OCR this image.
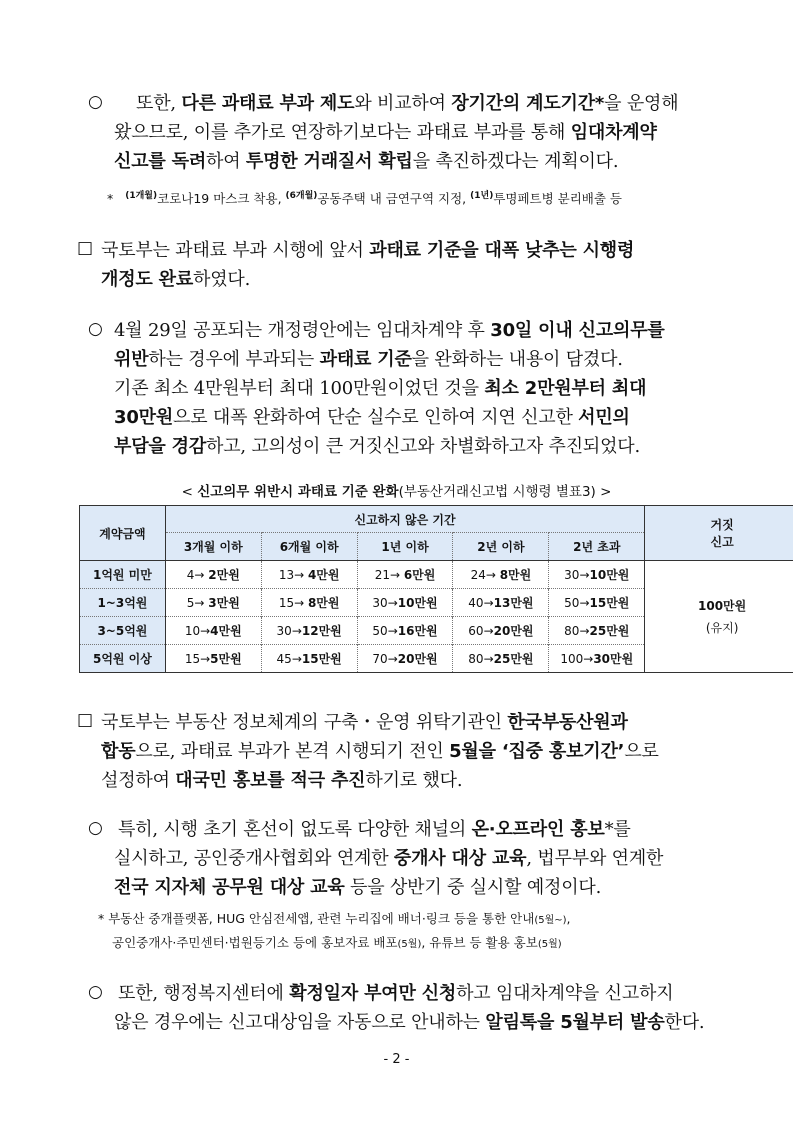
○ 또한, 다른 과태료 부과 제도와 비교하여 장기간의 계도기간*을 운영해

왔으므로, 이를 추가로 연장하기보다는 과태료 부과를 통해 임대차계약

신고를 독려하여 투명한 거래질서 확립을 촉진하겠다는 계획이다.

* $^{(1개월)}$코로나19 마스크 착용, $^{(6개월)}$공동주택 내 금연구역 지정, $^{(1년)}$투명페트병 분리배출 등
□ 국토부는 과태료 부과 시행에 앞서 과태료 기준을 대폭 낮추는 시행령

개정도 완료하였다.

○ 4월 29일 공포되는 개정령안에는 임대차계약 후 30일 이내 신고의무를

위반하는 경우에 부과되는 과태료 기준을 완화하는 내용이 담겼다.

기존 최소 4만원부터 최대 100만원이었던 것을 최소 2만원부터 최대

30만원으로 대폭 완화하여 단순 실수로 인하여 지연 신고한 서민의

부담을 경감하고, 고의성이 큰 거짓신고와 차별화하고자 추진되었다.

< 신고의무 위반시 과태료 기준 완화(부동산거래신고법 시행령 별표3) >
계약금액	신고하지 않은 기간					거짓
신고
	3개월 이하	6개월 이하	1년 이하	2년 이하	2년 초과	
1억원 미만	4→ 2만원	13→ 4만원	21→ 6만원	24→ 8만원	30→10만원	100만원
(유지)
1~3억원	5→ 3만원	15→ 8만원	30→10만원	40→13만원	50→15만원	
3~5억원	10→4만원	30→12만원	50→16만원	60→20만원	80→25만원	
5억원 이상	15→5만원	45→15만원	70→20만원	80→25만원	100→30만원	
□ 국토부는 부동산 정보체계의 구축・운영 위탁기관인 한국부동산원과

합동으로, 과태료 부과가 본격 시행되기 전인 5월을 ‘집중 홍보기간’으로

설정하여 대국민 홍보를 적극 추진하기로 했다.

○ 특히, 시행 초기 혼선이 없도록 다양한 채널의 온·오프라인 홍보*를

실시하고, 공인중개사협회와 연계한 중개사 대상 교육, 법무부와 연계한

전국 지자체 공무원 대상 교육 등을 상반기 중 실시할 예정이다.

* 부동산 중개플랫폼, HUG 안심전세앱, 관련 누리집에 배너·링크 등을 통한 안내(5월~),
공인중개사·주민센터·법원등기소 등에 홍보자료 배포(5월), 유튜브 등 활용 홍보(5월)
○ 또한, 행정복지센터에 확정일자 부여만 신청하고 임대차계약을 신고하지

않은 경우에는 신고대상임을 자동으로 안내하는 알림톡을 5월부터 발송한다.

- 2 -
